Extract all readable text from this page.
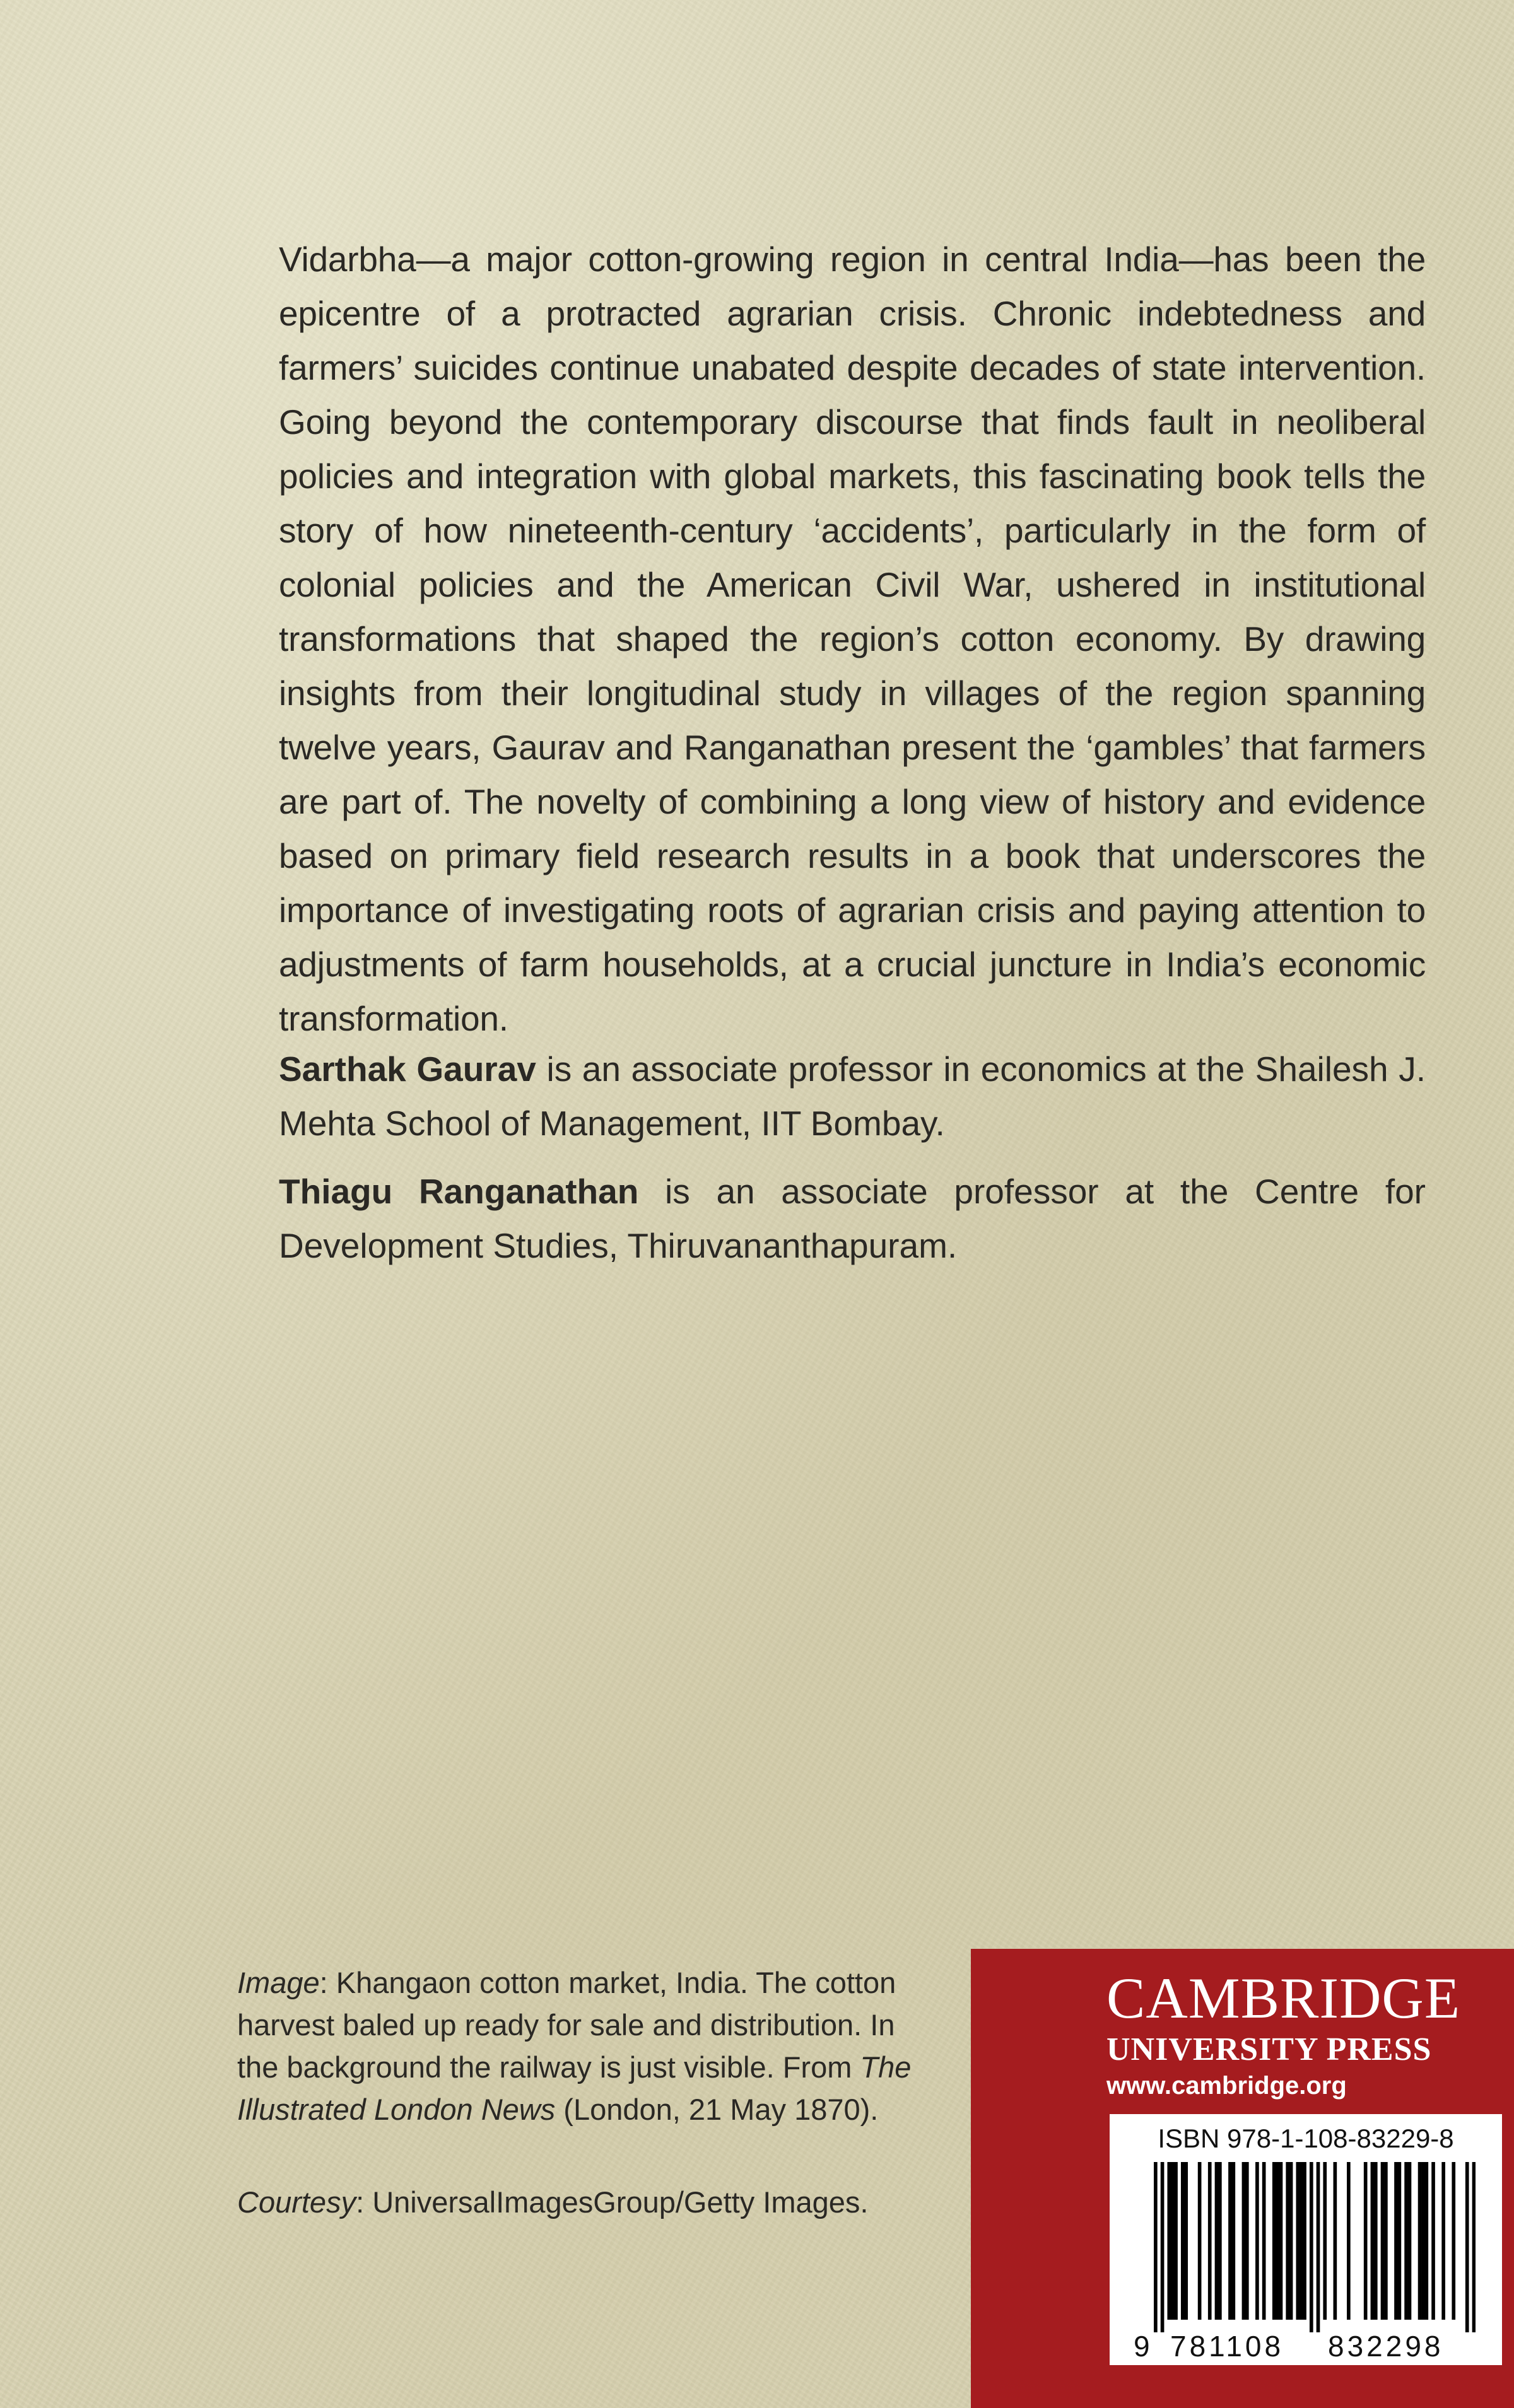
Vidarbha—a major cotton-growing region in central India—has been the epicentre of a protracted agrarian crisis. Chronic indebtedness and farmers’ suicides continue unabated despite decades of state intervention. Going beyond the contemporary discourse that finds fault in neoliberal policies and integration with global markets, this fascinating book tells the story of how nineteenth-century ‘accidents’, particularly in the form of colonial policies and the American Civil War, ushered in institutional transformations that shaped the region’s cotton economy. By drawing insights from their longitudinal study in villages of the region spanning twelve years, Gaurav and Ranganathan present the ‘gambles’ that farmers are part of. The novelty of combining a long view of history and evidence based on primary field research results in a book that underscores the importance of investigating roots of agrarian crisis and paying attention to adjustments of farm households, at a crucial juncture in India’s economic transformation.

Sarthak Gaurav is an associate professor in economics at the Shailesh J. Mehta School of Management, IIT Bombay.

Thiagu Ranganathan is an associate professor at the Centre for Development Studies, Thiruvananthapuram.

Image: Khangaon cotton market, India. The cotton harvest baled up ready for sale and distribution. In the background the railway is just visible. From The Illustrated London News (London, 21 May 1870).

Courtesy: UniversalImagesGroup/Getty Images.

CAMBRIDGE
UNIVERSITY PRESS
www.cambridge.org
ISBN 978-1-108-83229-8
9 781108 832298
